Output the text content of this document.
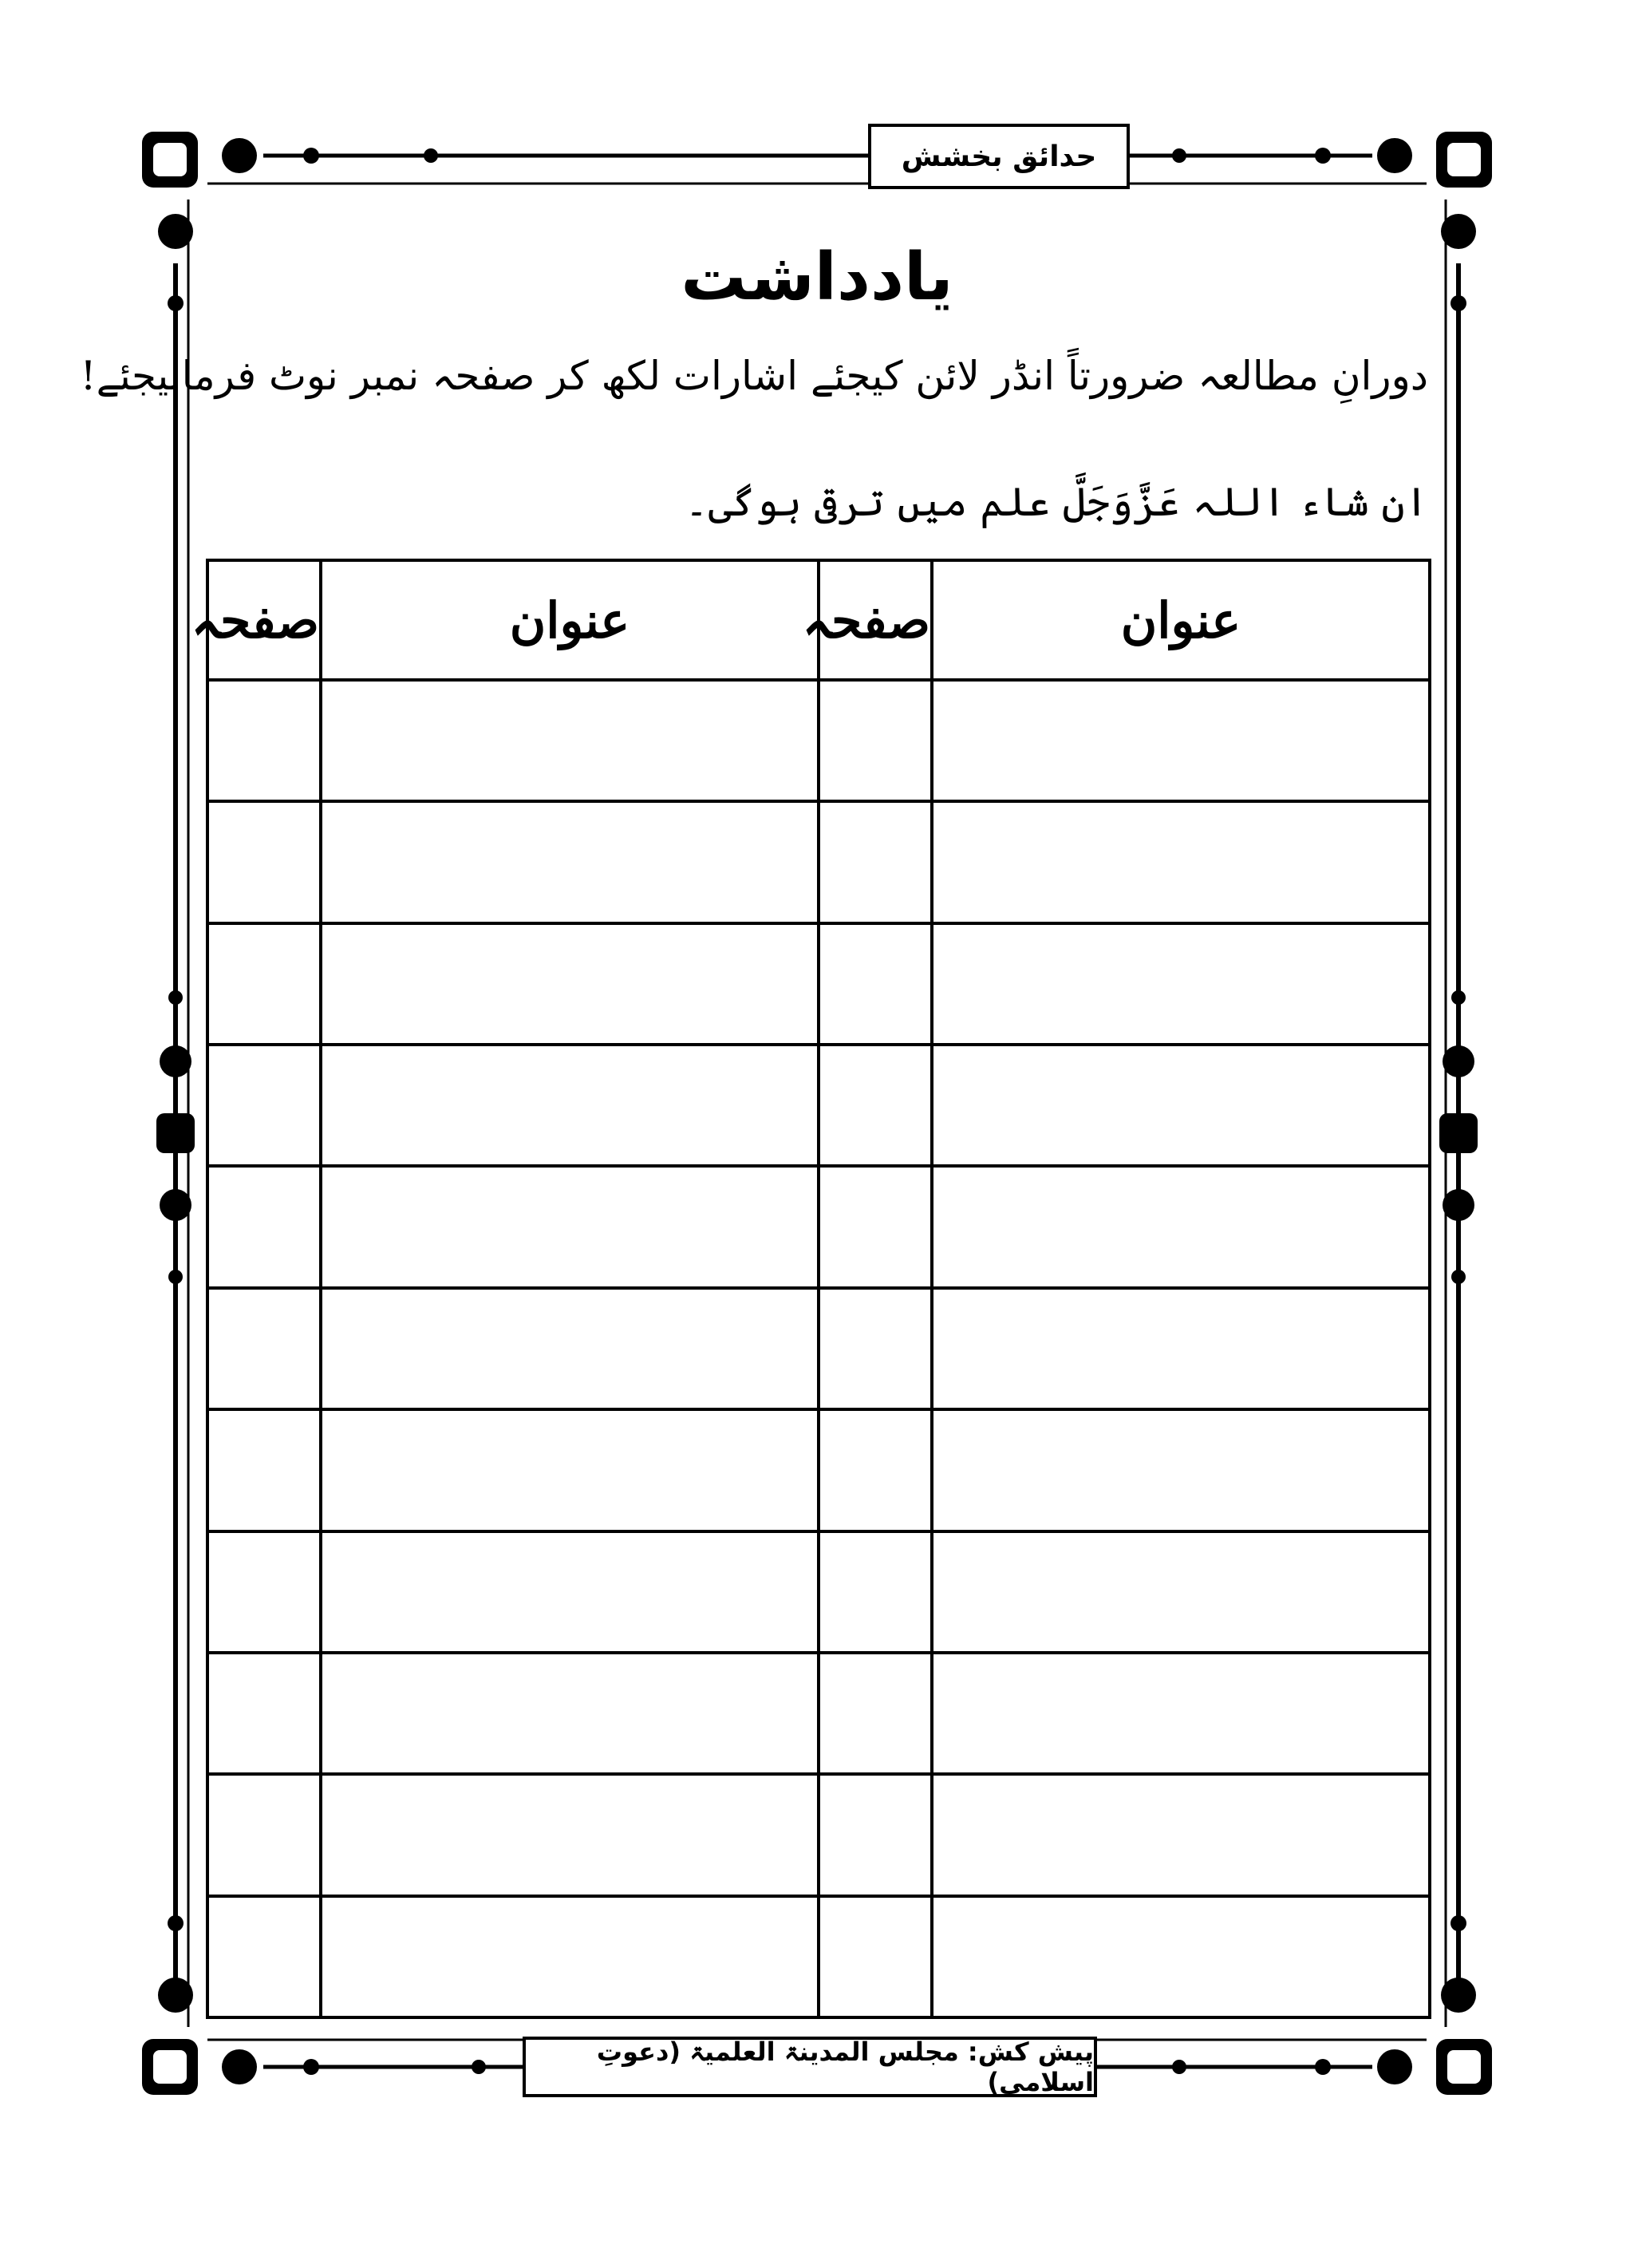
حدائق بخشش
یادداشت
دورانِ مطالعہ ضرورتاً انڈر لائن کیجئے اشارات لکھ کر صفحہ نمبر نوٹ فرمالیجئے!
ان شاء اللہ عَزَّوَجَلَّ علم میں ترقی ہوگی۔
صفحہ	عنوان	صفحہ	عنوان

پیش کش: مجلس المدینۃ العلمیۃ (دعوتِ اسلامی)
